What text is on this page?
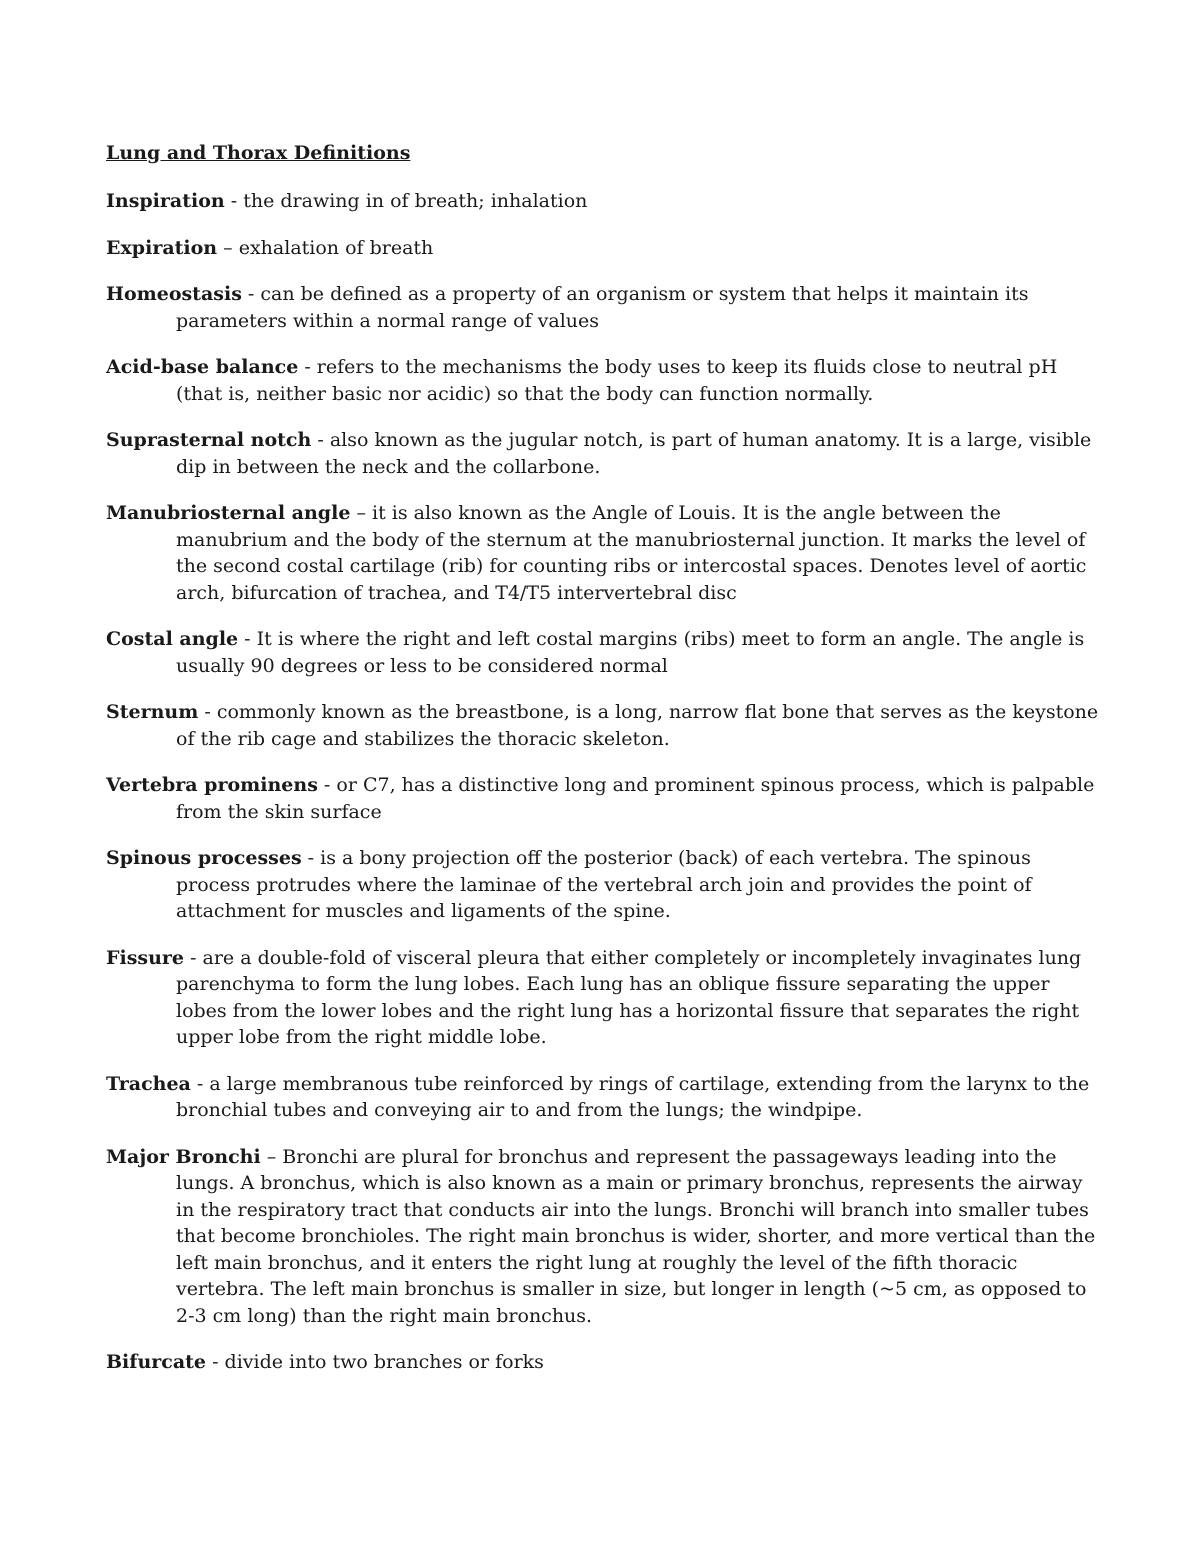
Lung and Thorax Definitions
Inspiration - the drawing in of breath; inhalation
Expiration – exhalation of breath
Homeostasis - can be defined as a property of an organism or system that helps it maintain its parameters within a normal range of values
Acid-base balance - refers to the mechanisms the body uses to keep its fluids close to neutral pH (that is, neither basic nor acidic) so that the body can function normally.
Suprasternal notch - also known as the jugular notch, is part of human anatomy. It is a large, visible dip in between the neck and the collarbone.
Manubriosternal angle – it is also known as the Angle of Louis. It is the angle between the manubrium and the body of the sternum at the manubriosternal junction. It marks the level of the second costal cartilage (rib) for counting ribs or intercostal spaces. Denotes level of aortic arch, bifurcation of trachea, and T4/T5 intervertebral disc
Costal angle - It is where the right and left costal margins (ribs) meet to form an angle. The angle is usually 90 degrees or less to be considered normal
Sternum - commonly known as the breastbone, is a long, narrow flat bone that serves as the keystone of the rib cage and stabilizes the thoracic skeleton.
Vertebra prominens - or C7, has a distinctive long and prominent spinous process, which is palpable from the skin surface
Spinous processes - is a bony projection off the posterior (back) of each vertebra. The spinous process protrudes where the laminae of the vertebral arch join and provides the point of attachment for muscles and ligaments of the spine.
Fissure - are a double-fold of visceral pleura that either completely or incompletely invaginates lung parenchyma to form the lung lobes. Each lung has an oblique fissure separating the upper lobes from the lower lobes and the right lung has a horizontal fissure that separates the right upper lobe from the right middle lobe.
Trachea - a large membranous tube reinforced by rings of cartilage, extending from the larynx to the bronchial tubes and conveying air to and from the lungs; the windpipe.
Major Bronchi – Bronchi are plural for bronchus and represent the passageways leading into the lungs. A bronchus, which is also known as a main or primary bronchus, represents the airway in the respiratory tract that conducts air into the lungs. Bronchi will branch into smaller tubes that become bronchioles. The right main bronchus is wider, shorter, and more vertical than the left main bronchus, and it enters the right lung at roughly the level of the fifth thoracic vertebra. The left main bronchus is smaller in size, but longer in length (~5 cm, as opposed to 2-3 cm long) than the right main bronchus.
Bifurcate - divide into two branches or forks
